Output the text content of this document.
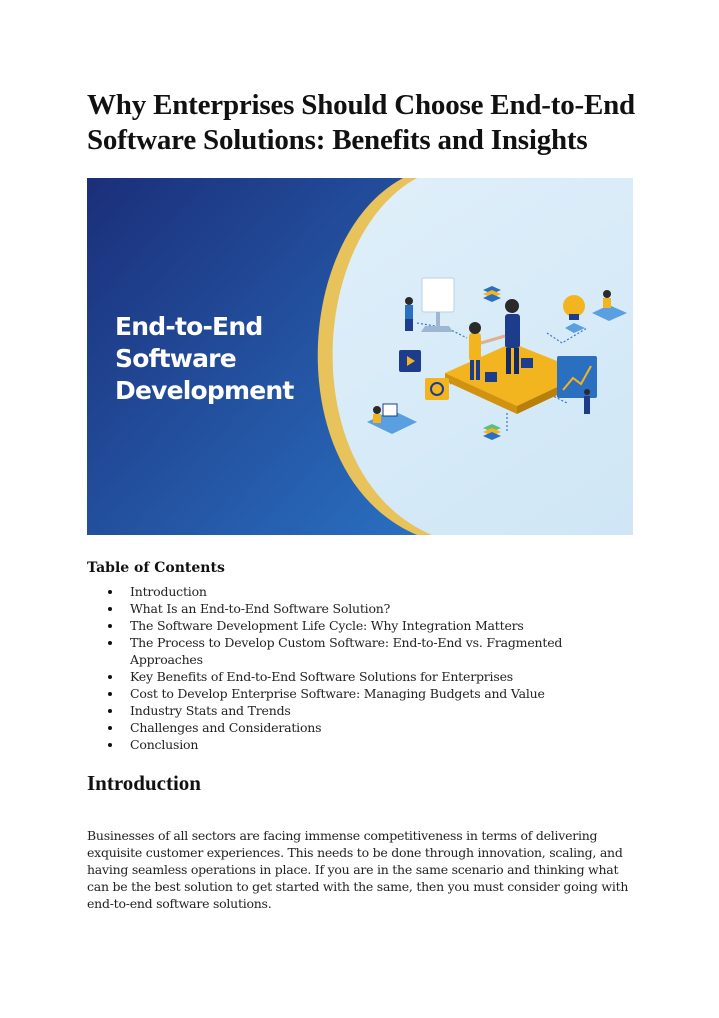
Why Enterprises Should Choose End-to-End Software Solutions: Benefits and Insights

End-to-End
Software
Development

Table of Contents
Introduction
What Is an End-to-End Software Solution?
The Software Development Life Cycle: Why Integration Matters
The Process to Develop Custom Software: End-to-End vs. Fragmented Approaches
Key Benefits of End-to-End Software Solutions for Enterprises
Cost to Develop Enterprise Software: Managing Budgets and Value
Industry Stats and Trends
Challenges and Considerations
Conclusion
Introduction

Businesses of all sectors are facing immense competitiveness in terms of delivering exquisite customer experiences. This needs to be done through innovation, scaling, and having seamless operations in place. If you are in the same scenario and thinking what can be the best solution to get started with the same, then you must consider going with end-to-end software solutions.
